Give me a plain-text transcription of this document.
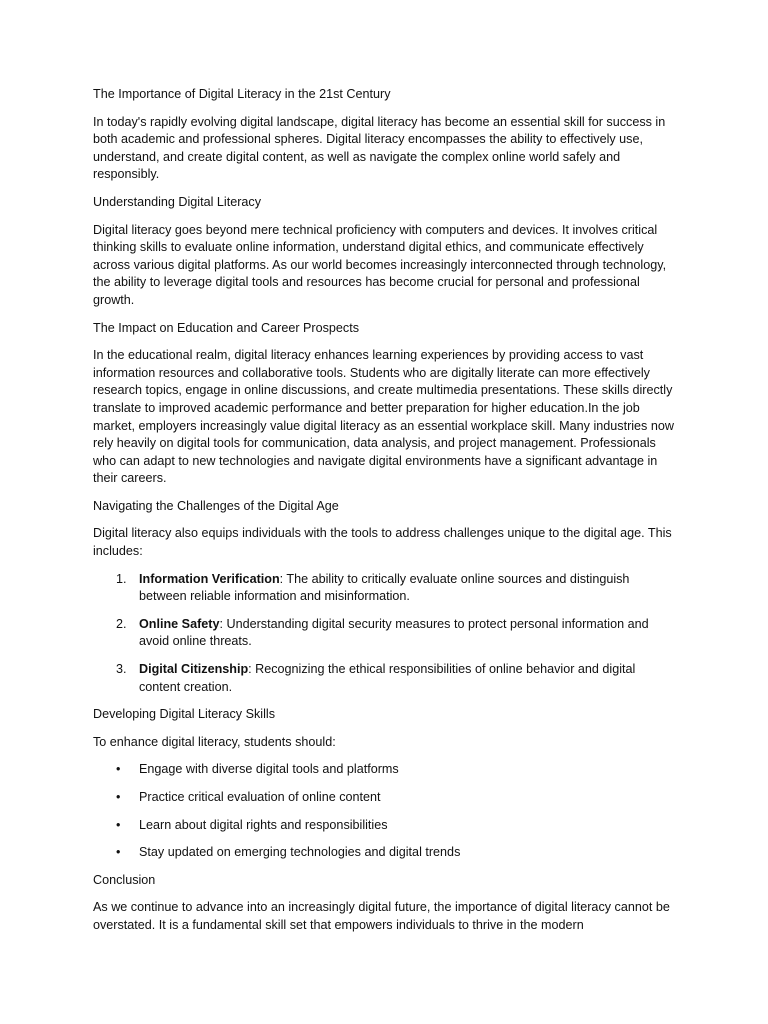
The Importance of Digital Literacy in the 21st Century

In today's rapidly evolving digital landscape, digital literacy has become an essential skill for success in both academic and professional spheres. Digital literacy encompasses the ability to effectively use, understand, and create digital content, as well as navigate the complex online world safely and responsibly.

Understanding Digital Literacy

Digital literacy goes beyond mere technical proficiency with computers and devices. It involves critical thinking skills to evaluate online information, understand digital ethics, and communicate effectively across various digital platforms. As our world becomes increasingly interconnected through technology, the ability to leverage digital tools and resources has become crucial for personal and professional growth.

The Impact on Education and Career Prospects

In the educational realm, digital literacy enhances learning experiences by providing access to vast information resources and collaborative tools. Students who are digitally literate can more effectively research topics, engage in online discussions, and create multimedia presentations. These skills directly translate to improved academic performance and better preparation for higher education.In the job market, employers increasingly value digital literacy as an essential workplace skill. Many industries now rely heavily on digital tools for communication, data analysis, and project management. Professionals who can adapt to new technologies and navigate digital environments have a significant advantage in their careers.

Navigating the Challenges of the Digital Age

Digital literacy also equips individuals with the tools to address challenges unique to the digital age. This includes:

1. Information Verification: The ability to critically evaluate online sources and distinguish between reliable information and misinformation.
2. Online Safety: Understanding digital security measures to protect personal information and avoid online threats.
3. Digital Citizenship: Recognizing the ethical responsibilities of online behavior and digital content creation.

Developing Digital Literacy Skills

To enhance digital literacy, students should:

• Engage with diverse digital tools and platforms
• Practice critical evaluation of online content
• Learn about digital rights and responsibilities
• Stay updated on emerging technologies and digital trends

Conclusion

As we continue to advance into an increasingly digital future, the importance of digital literacy cannot be overstated. It is a fundamental skill set that empowers individuals to thrive in the modern
